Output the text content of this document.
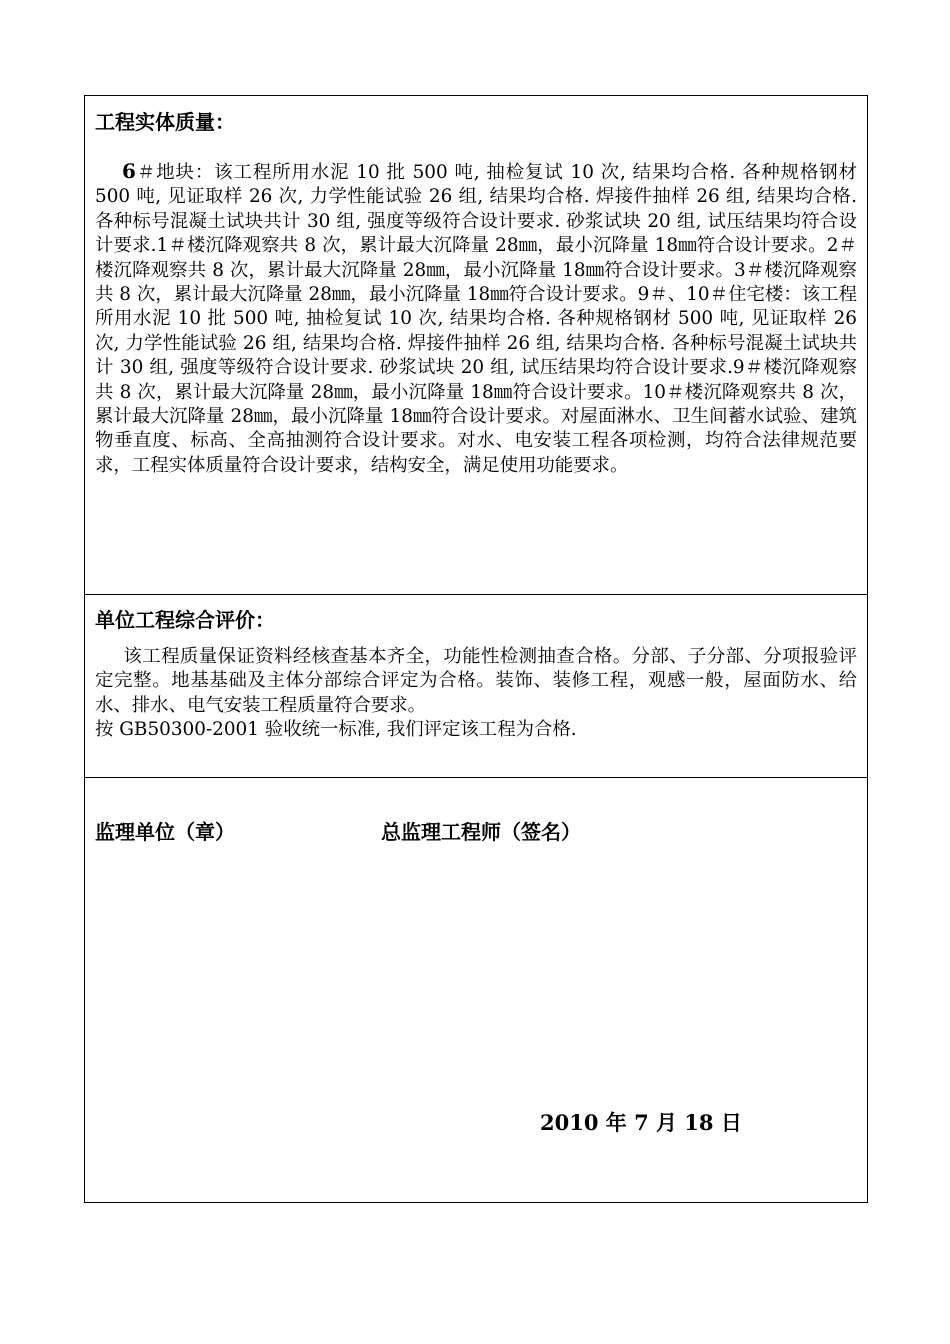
工程实体质量：

6＃地块：该工程所用水泥 10 批 500 吨, 抽检复试 10 次, 结果均合格. 各种规格钢材 500 吨, 见证取样 26 次, 力学性能试验 26 组, 结果均合格. 焊接件抽样 26 组, 结果均合格. 各种标号混凝土试块共计 30 组, 强度等级符合设计要求. 砂浆试块 20 组, 试压结果均符合设计要求.1＃楼沉降观察共 8 次，累计最大沉降量 28㎜，最小沉降量 18㎜符合设计要求。2＃楼沉降观察共 8 次，累计最大沉降量 28㎜，最小沉降量 18㎜符合设计要求。3＃楼沉降观察共 8 次，累计最大沉降量 28㎜，最小沉降量 18㎜符合设计要求。9＃、10＃住宅楼：该工程所用水泥 10 批 500 吨, 抽检复试 10 次, 结果均合格. 各种规格钢材 500 吨, 见证取样 26 次, 力学性能试验 26 组, 结果均合格. 焊接件抽样 26 组, 结果均合格. 各种标号混凝土试块共计 30 组, 强度等级符合设计要求. 砂浆试块 20 组, 试压结果均符合设计要求.9＃楼沉降观察共 8 次，累计最大沉降量 28㎜，最小沉降量 18㎜符合设计要求。10＃楼沉降观察共 8 次，累计最大沉降量 28㎜，最小沉降量 18㎜符合设计要求。对屋面淋水、卫生间蓄水试验、建筑物垂直度、标高、全高抽测符合设计要求。对水、电安装工程各项检测，均符合法律规范要求，工程实体质量符合设计要求，结构安全，满足使用功能要求。

单位工程综合评价：
该工程质量保证资料经核查基本齐全，功能性检测抽查合格。分部、子分部、分项报验评定完整。地基基础及主体分部综合评定为合格。装饰、装修工程，观感一般，屋面防水、给水、排水、电气安装工程质量符合要求。
按 GB50300-2001 验收统一标准, 我们评定该工程为合格.
监理单位（章）	总监理工程师（签名）
2010 年 7 月 18 日
